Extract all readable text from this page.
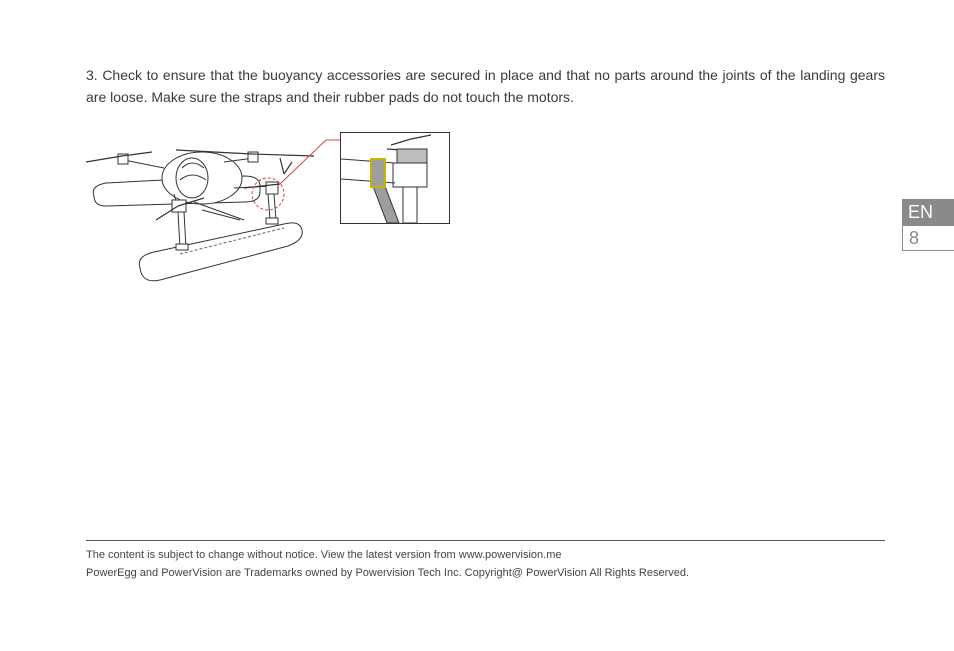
3. Check to ensure that the buoyancy accessories are secured in place and that no parts around the joints of the landing gears are loose. Make sure the straps and their rubber pads do not touch the motors.
EN
8
The content is subject to change without notice. View the latest version from www.powervision.me
PowerEgg and PowerVision are Trademarks owned by Powervision Tech Inc. Copyright@ PowerVision All Rights Reserved.
